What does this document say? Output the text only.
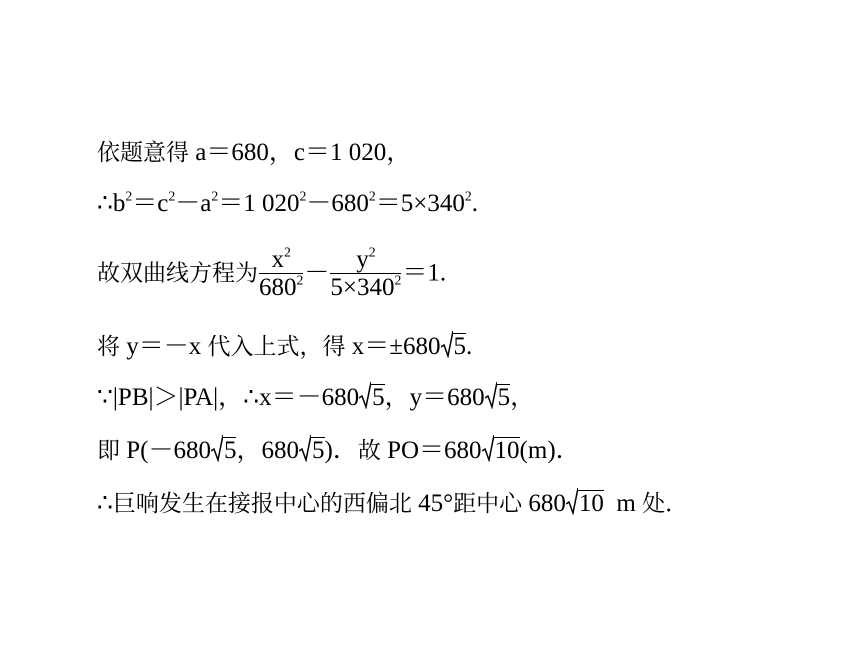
依题意得 a＝680，c＝1 020，
$\therefore b^2=c^2-a^2=1$ $020^2-680^2=5\times 340^2$.
故双曲线方程为 $\frac{x^2}{680^2} - \frac{y^2}{5\times 340^2} =1$.
将 y＝－x 代入上式，得 x＝±680 5.
∵|PB|＞|PA|，∴x＝－680 5，y＝680 5，
即 P(－680 5，680 5)．故 PO＝680 10(m)．
∴巨响发生在接报中心的西偏北 45°距中心 680 10  m 处．
